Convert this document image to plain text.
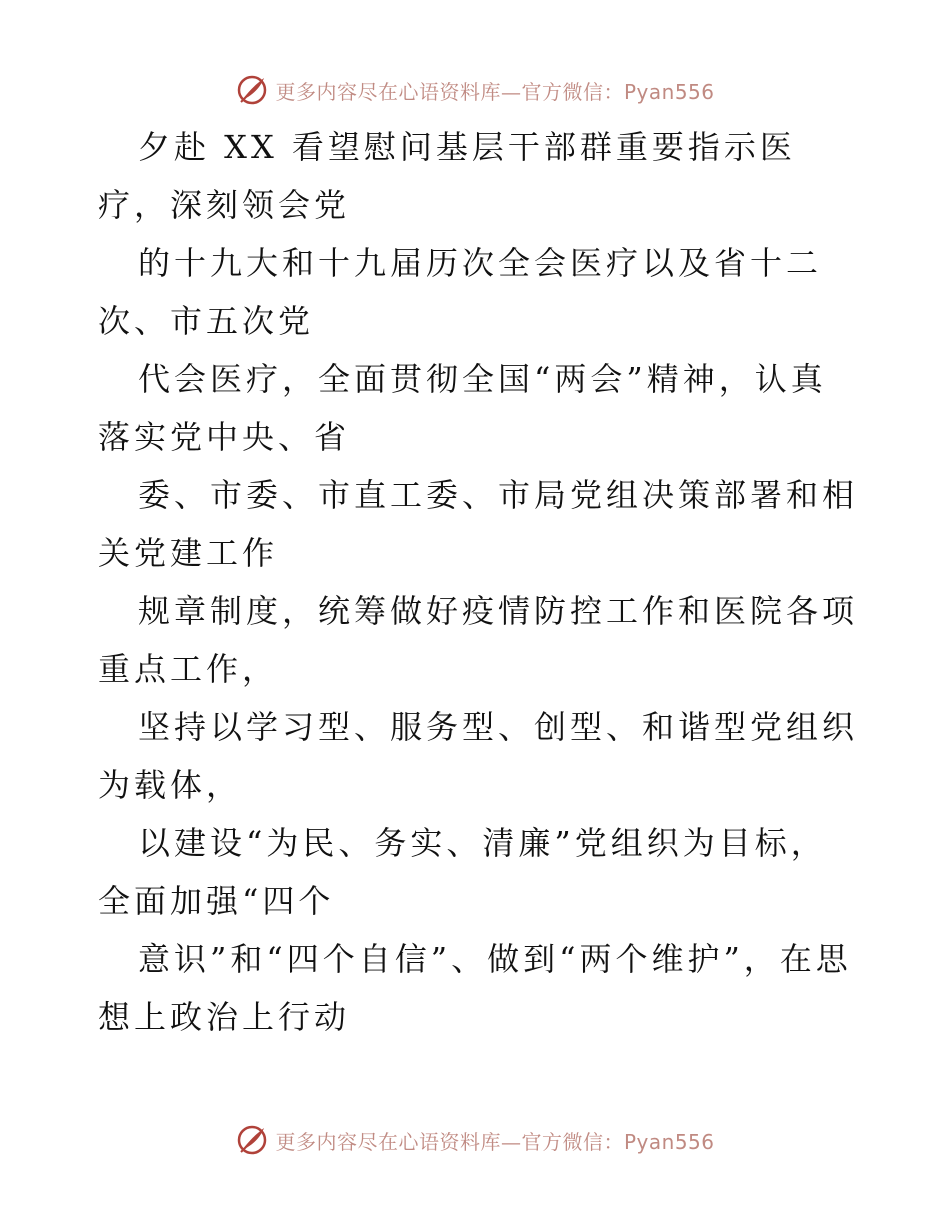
更多内容尽在心语资料库—官方微信：Pyan556

夕赴 XX 看望慰问基层干部群重要指示医疗，深刻领会党

的十九大和十九届历次全会医疗以及省十二次、市五次党

代会医疗，全面贯彻全国“两会”精神，认真落实党中央、省

委、市委、市直工委、市局党组决策部署和相关党建工作

规章制度，统筹做好疫情防控工作和医院各项重点工作，

坚持以学习型、服务型、创型、和谐型党组织为载体，

以建设“为民、务实、清廉”党组织为目标，全面加强“四个

意识”和“四个自信”、做到“两个维护”，在思想上政治上行动

更多内容尽在心语资料库—官方微信：Pyan556
